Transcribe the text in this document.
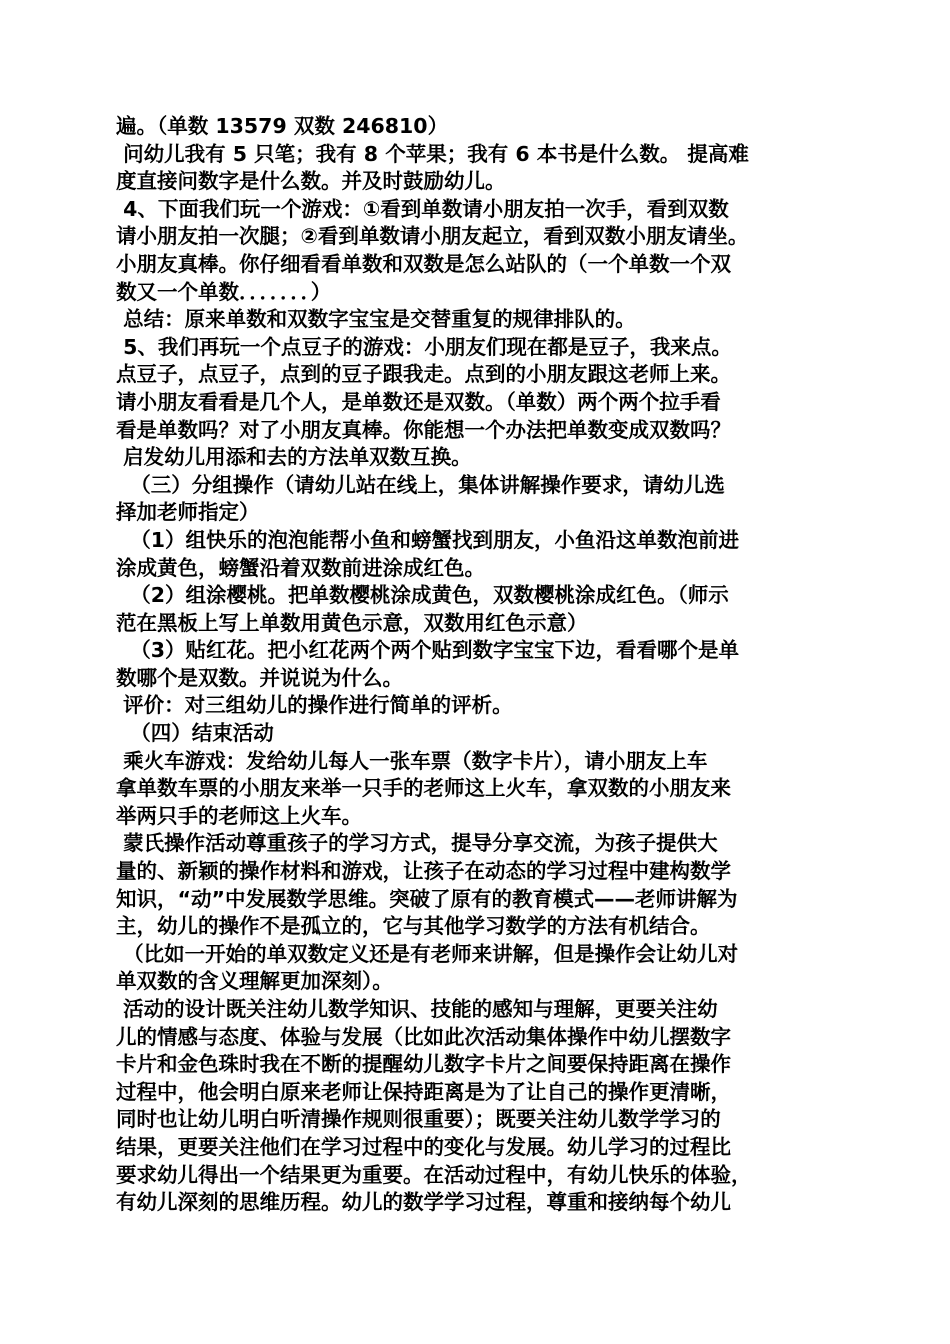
遍。（单数 13579 双数 246810）
问幼儿我有 5 只笔；我有 8 个苹果；我有 6 本书是什么数。 提高难
度直接问数字是什么数。并及时鼓励幼儿。
4、下面我们玩一个游戏：①看到单数请小朋友拍一次手，看到双数
请小朋友拍一次腿；②看到单数请小朋友起立，看到双数小朋友请坐。
小朋友真棒。你仔细看看单数和双数是怎么站队的（一个单数一个双
数又一个单数．．．．．．．）
总结：原来单数和双数字宝宝是交替重复的规律排队的。
5、我们再玩一个点豆子的游戏：小朋友们现在都是豆子，我来点。
点豆子，点豆子，点到的豆子跟我走。点到的小朋友跟这老师上来。
请小朋友看看是几个人，是单数还是双数。（单数）两个两个拉手看
看是单数吗？对了小朋友真棒。你能想一个办法把单数变成双数吗？
启发幼儿用添和去的方法单双数互换。
（三）分组操作（请幼儿站在线上，集体讲解操作要求，请幼儿选
择加老师指定）
（1）组快乐的泡泡能帮小鱼和螃蟹找到朋友，小鱼沿这单数泡前进
涂成黄色，螃蟹沿着双数前进涂成红色。
（2）组涂樱桃。把单数樱桃涂成黄色，双数樱桃涂成红色。（师示
范在黑板上写上单数用黄色示意，双数用红色示意）
（3）贴红花。把小红花两个两个贴到数字宝宝下边，看看哪个是单
数哪个是双数。并说说为什么。
评价：对三组幼儿的操作进行简单的评析。
（四）结束活动
乘火车游戏：发给幼儿每人一张车票（数字卡片），请小朋友上车
拿单数车票的小朋友来举一只手的老师这上火车，拿双数的小朋友来
举两只手的老师这上火车。
蒙氏操作活动尊重孩子的学习方式，提导分享交流，为孩子提供大
量的、新颖的操作材料和游戏，让孩子在动态的学习过程中建构数学
知识，“动”中发展数学思维。突破了原有的教育模式——老师讲解为
主，幼儿的操作不是孤立的，它与其他学习数学的方法有机结合。
（比如一开始的单双数定义还是有老师来讲解，但是操作会让幼儿对
单双数的含义理解更加深刻）。
活动的设计既关注幼儿数学知识、技能的感知与理解，更要关注幼
儿的情感与态度、体验与发展（比如此次活动集体操作中幼儿摆数字
卡片和金色珠时我在不断的提醒幼儿数字卡片之间要保持距离在操作
过程中，他会明白原来老师让保持距离是为了让自己的操作更清晰，
同时也让幼儿明白听清操作规则很重要）；既要关注幼儿数学学习的
结果，更要关注他们在学习过程中的变化与发展。幼儿学习的过程比
要求幼儿得出一个结果更为重要。在活动过程中，有幼儿快乐的体验，
有幼儿深刻的思维历程。幼儿的数学学习过程，尊重和接纳每个幼儿
